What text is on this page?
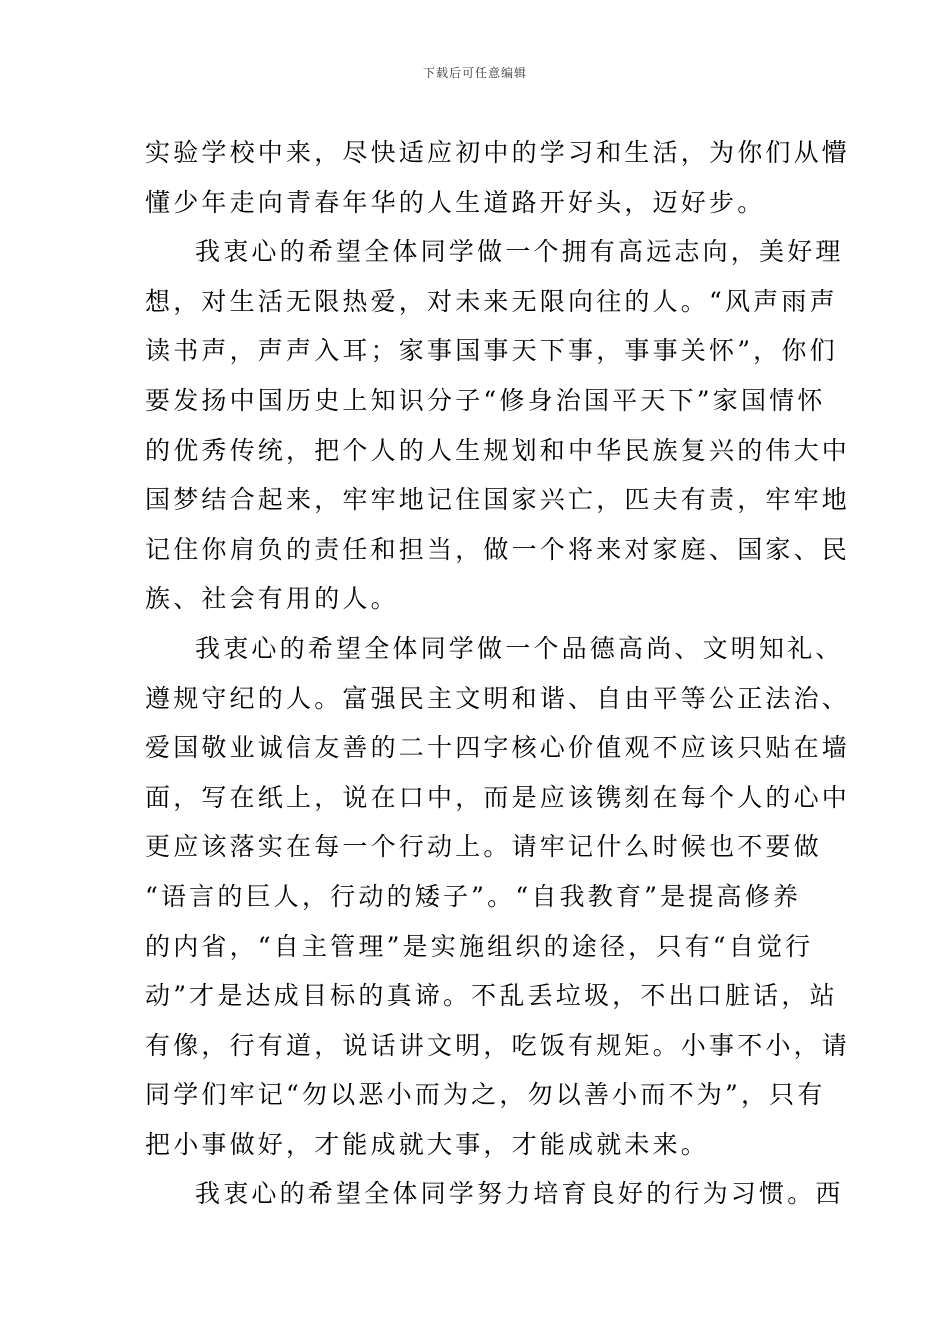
下载后可任意编辑
实验学校中来，尽快适应初中的学习和生活，为你们从懵
懂少年走向青春年华的人生道路开好头，迈好步。
我衷心的希望全体同学做一个拥有高远志向，美好理
想，对生活无限热爱，对未来无限向往的人。“风声雨声
读书声，声声入耳；家事国事天下事，事事关怀”，你们
要发扬中国历史上知识分子“修身治国平天下”家国情怀
的优秀传统，把个人的人生规划和中华民族复兴的伟大中
国梦结合起来，牢牢地记住国家兴亡，匹夫有责，牢牢地
记住你肩负的责任和担当，做一个将来对家庭、国家、民
族、社会有用的人。
我衷心的希望全体同学做一个品德高尚、文明知礼、
遵规守纪的人。富强民主文明和谐、自由平等公正法治、
爱国敬业诚信友善的二十四字核心价值观不应该只贴在墙
面，写在纸上，说在口中，而是应该镌刻在每个人的心中
更应该落实在每一个行动上。请牢记什么时候也不要做
“语言的巨人，行动的矮子”。“自我教育”是提高修养
的内省，“自主管理”是实施组织的途径，只有“自觉行
动”才是达成目标的真谛。不乱丢垃圾，不出口脏话，站
有像，行有道，说话讲文明，吃饭有规矩。小事不小，请
同学们牢记“勿以恶小而为之，勿以善小而不为”，只有
把小事做好，才能成就大事，才能成就未来。
我衷心的希望全体同学努力培育良好的行为习惯。西
